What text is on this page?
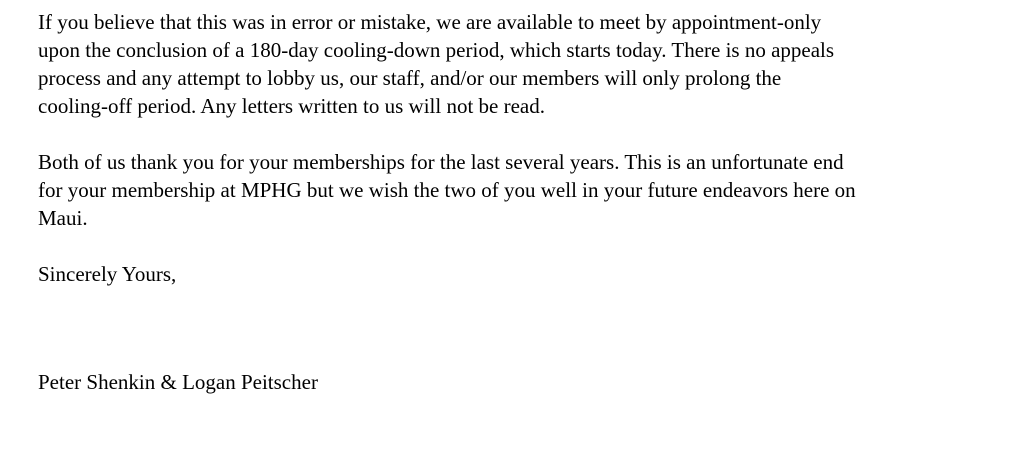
If you believe that this was in error or mistake, we are available to meet by appointment-only
upon the conclusion of a 180-day cooling-down period, which starts today. There is no appeals
process and any attempt to lobby us, our staff, and/or our members will only prolong the
cooling-off period. Any letters written to us will not be read.
Both of us thank you for your memberships for the last several years. This is an unfortunate end
for your membership at MPHG but we wish the two of you well in your future endeavors here on
Maui.

Sincerely Yours,

Peter Shenkin & Logan Peitscher
